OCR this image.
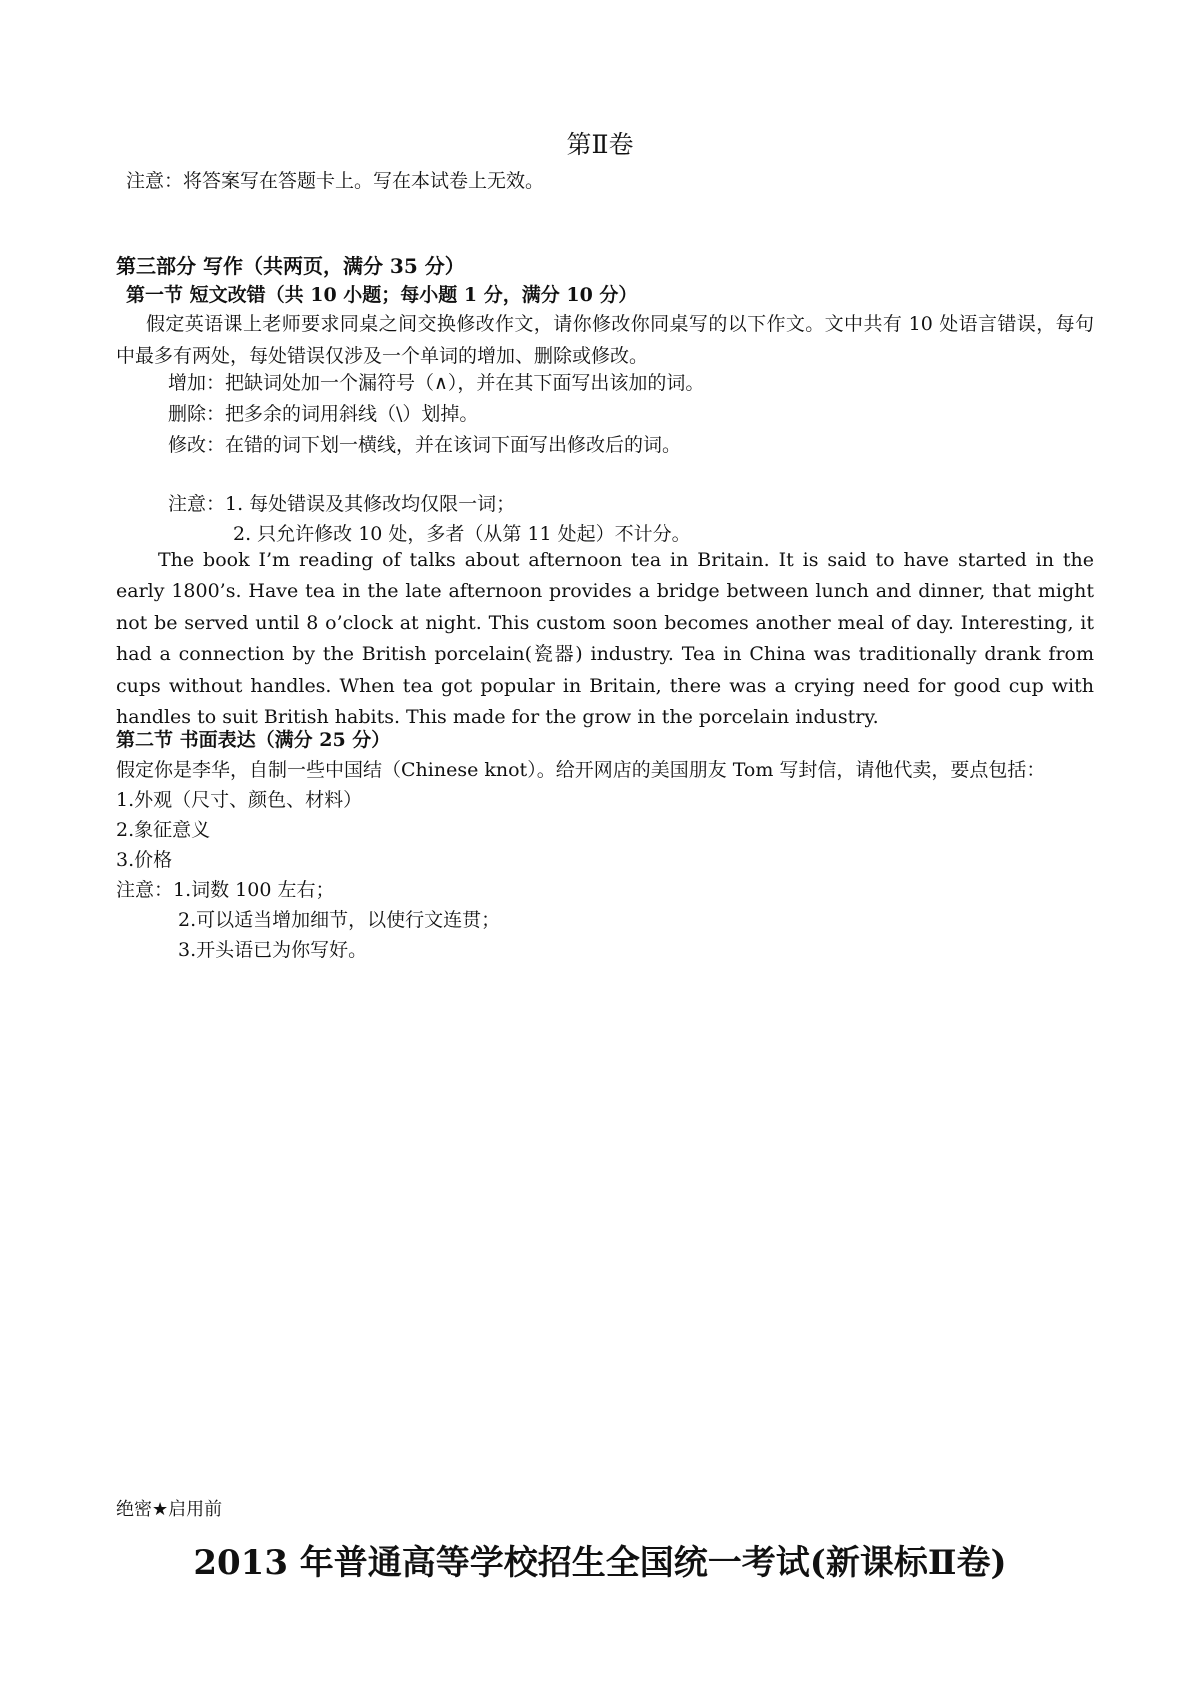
第Ⅱ卷
注意：将答案写在答题卡上。写在本试卷上无效。
第三部分 写作（共两页，满分 35 分）
第一节 短文改错（共 10 小题；每小题 1 分，满分 10 分）
假定英语课上老师要求同桌之间交换修改作文，请你修改你同桌写的以下作文。文中共有 10 处语言错误，每句中最多有两处，每处错误仅涉及一个单词的增加、删除或修改。
增加：把缺词处加一个漏符号（∧），并在其下面写出该加的词。
删除：把多余的词用斜线（\）划掉。
修改：在错的词下划一横线，并在该词下面写出修改后的词。
注意：1. 每处错误及其修改均仅限一词；
2. 只允许修改 10 处，多者（从第 11 处起）不计分。
The book I’m reading of talks about afternoon tea in Britain. It is said to have started in the early 1800’s. Have tea in the late afternoon provides a bridge between lunch and dinner, that might not be served until 8 o’clock at night. This custom soon becomes another meal of day. Interesting, it had a connection by the British porcelain(瓷器) industry. Tea in China was traditionally drank from cups without handles. When tea got popular in Britain, there was a crying need for good cup with handles to suit British habits. This made for the grow in the porcelain industry.
第二节 书面表达（满分 25 分）
假定你是李华，自制一些中国结（Chinese knot）。给开网店的美国朋友 Tom 写封信，请他代卖，要点包括：
1.外观（尺寸、颜色、材料）
2.象征意义
3.价格
注意：1.词数 100 左右；
2.可以适当增加细节，以使行文连贯；
3.开头语已为你写好。
绝密★启用前
2013 年普通高等学校招生全国统一考试(新课标Ⅱ卷)
